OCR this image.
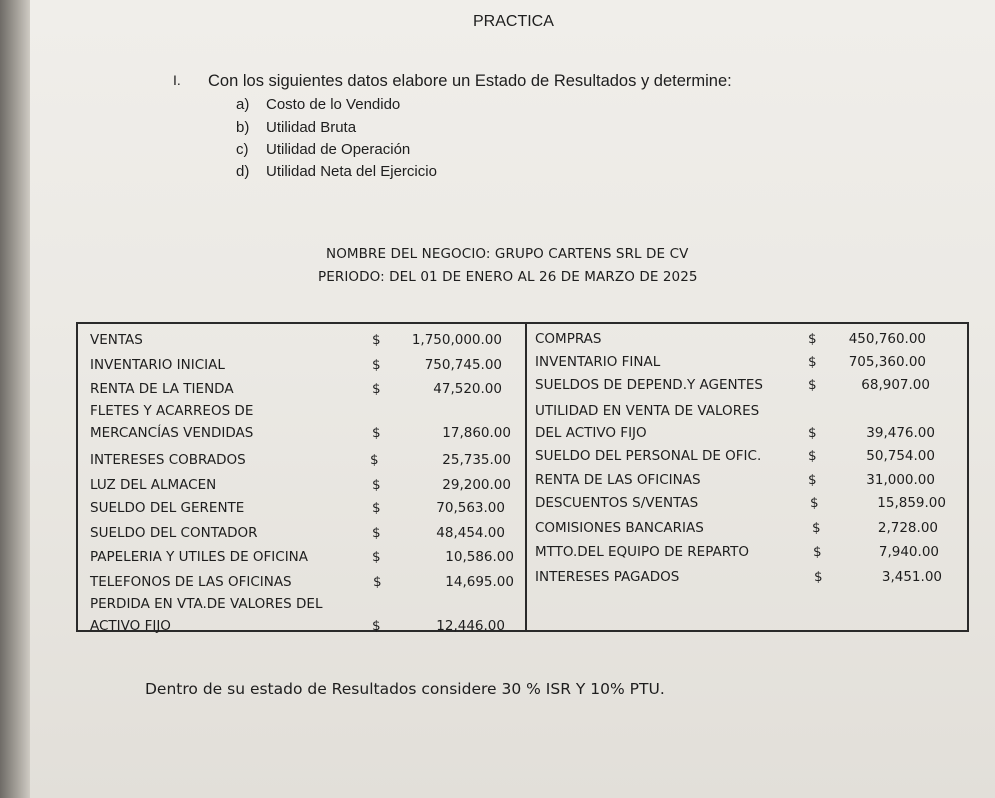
PRACTICA
I. Con los siguientes datos elabore un Estado de Resultados y determine:
a) Costo de lo Vendido
b) Utilidad Bruta
c) Utilidad de Operación
d) Utilidad Neta del Ejercicio
NOMBRE DEL NEGOCIO: GRUPO CARTENS SRL DE CV
PERIODO: DEL 01 DE ENERO AL 26 DE MARZO DE 2025
VENTAS	$ 1,750,000.00
INVENTARIO INICIAL	$	750,745.00
RENTA DE LA TIENDA	$	47,520.00
FLETES Y ACARREOS DE
MERCANCÍAS VENDIDAS	$	17,860.00
INTERESES COBRADOS	$	25,735.00
LUZ DEL ALMACEN	$	29,200.00
SUELDO DEL GERENTE	$	70,563.00
SUELDO DEL CONTADOR	$	48,454.00
PAPELERIA Y UTILES DE OFICINA	$	10,586.00
TELEFONOS DE LAS OFICINAS	$	14,695.00
PERDIDA EN VTA.DE VALORES DEL
ACTIVO FIJO	$	12,446.00
COMPRAS	$ 450,760.00
INVENTARIO FINAL	$ 705,360.00
SUELDOS DE DEPEND.Y AGENTES	$	68,907.00
UTILIDAD EN VENTA DE VALORES
DEL ACTIVO FIJO	$	39,476.00
SUELDO DEL PERSONAL DE OFIC.	$	50,754.00
RENTA DE LAS OFICINAS	$	31,000.00
DESCUENTOS S/VENTAS	$	15,859.00
COMISIONES BANCARIAS	$	2,728.00
MTTO.DEL EQUIPO DE REPARTO	$	7,940.00
INTERESES PAGADOS	$	3,451.00
Dentro de su estado de Resultados considere 30 % ISR Y 10% PTU.
